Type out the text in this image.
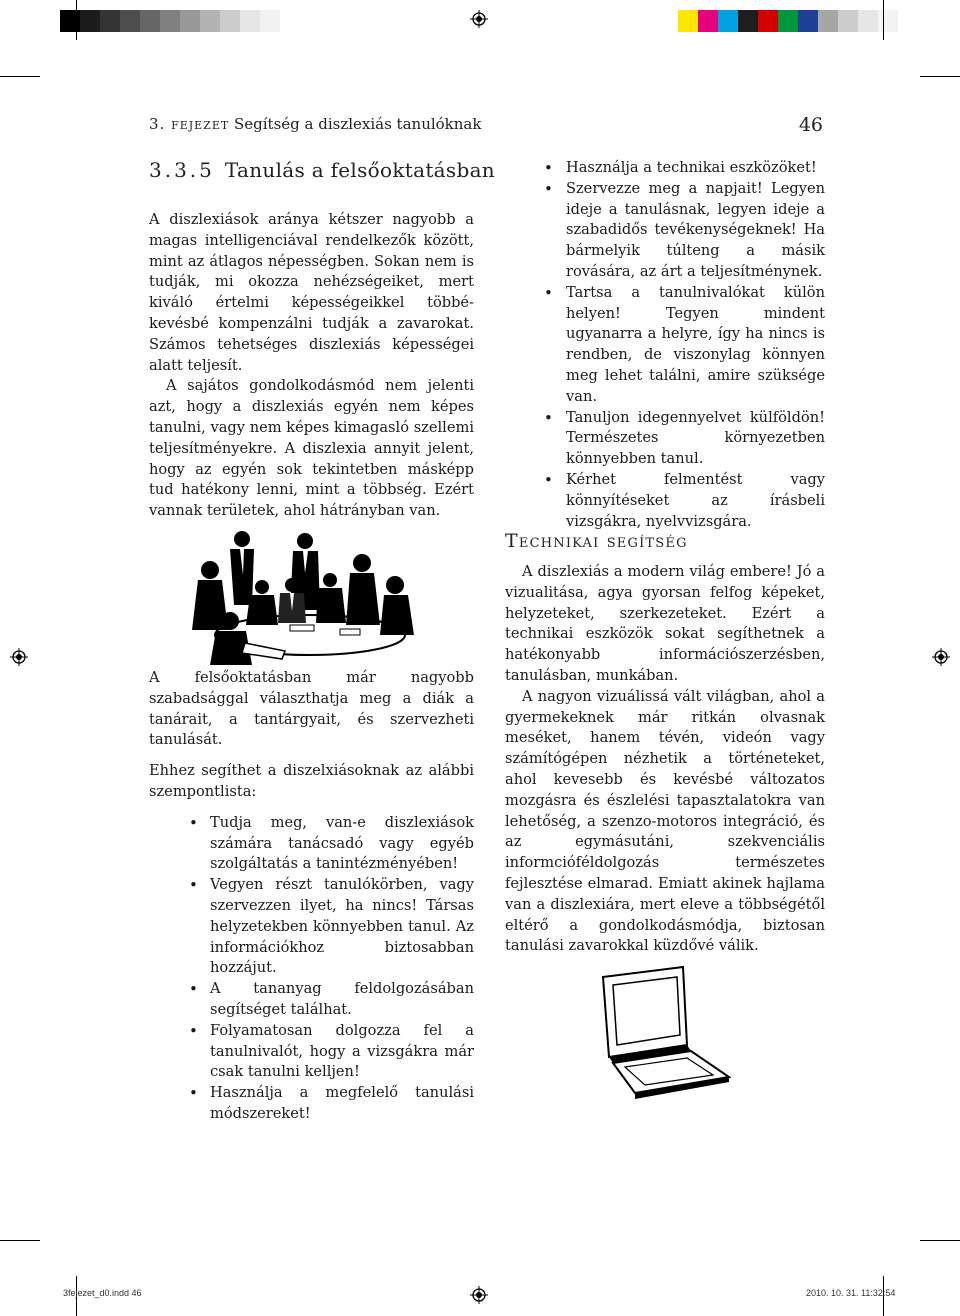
3. fejezet Segítség a diszlexiás tanulóknak	46
3.3.5 Tanulás a felsőoktatásban

A diszlexiások aránya kétszer nagyobb a magas intelligenciával rendelkezők között, mint az átlagos népességben. Sokan nem is tudják, mi okozza nehézségeiket, mert kiváló értelmi képességeikkel többé-kevésbé kompenzálni tudják a zavarokat. Számos tehetséges diszlexiás képességei alatt teljesít.

A sajátos gondolkodásmód nem jelenti azt, hogy a diszlexiás egyén nem képes tanulni, vagy nem képes kimagasló szellemi teljesítményekre. A diszlexia annyit jelent, hogy az egyén sok tekintetben másképp tud hatékony lenni, mint a többség. Ezért vannak területek, ahol hátrányban van.

A felsőoktatásban már nagyobb szabadsággal választhatja meg a diák a tanárait, a tantárgyait, és szervezheti tanulását.

Ehhez segíthet a diszelxiásoknak az alábbi szempontlista:

• Tudja meg, van-e diszlexiások számára tanácsadó vagy egyéb szolgáltatás a tanintézményében!
• Vegyen részt tanulókörben, vagy szervezzen ilyet, ha nincs! Társas helyzetekben könnyebben tanul. Az információkhoz biztosabban hozzájut.
• A tananyag feldolgozásában segítséget találhat.
• Folyamatosan dolgozza fel a tanulnivalót, hogy a vizsgákra már csak tanulni kelljen!
• Használja a megfelelő tanulási módszereket!
• Használja a technikai eszközöket!
• Szervezze meg a napjait! Legyen ideje a tanulásnak, legyen ideje a szabadidős tevékenységeknek! Ha bármelyik túlteng a másik rovására, az árt a teljesítménynek.
• Tartsa a tanulnivalókat külön helyen! Tegyen mindent ugyanarra a helyre, így ha nincs is rendben, de viszonylag könnyen meg lehet találni, amire szüksége van.
• Tanuljon idegennyelvet külföldön! Természetes környezetben könnyebben tanul.
• Kérhet felmentést vagy könnyítéseket az írásbeli vizsgákra, nyelvvizsgára.
Technikai segítség

A diszlexiás a modern világ embere! Jó a vizualitása, agya gyorsan felfog képeket, helyzeteket, szerkezeteket. Ezért a technikai eszközök sokat segíthetnek a hatékonyabb információszerzésben, tanulásban, munkában.

A nagyon vizuálissá vált világban, ahol a gyermekeknek már ritkán olvasnak meséket, hanem tévén, videón vagy számítógépen nézhetik a történeteket, ahol kevesebb és kevésbé változatos mozgásra és észlelési tapasztalatokra van lehetőség, a szenzo-motoros integráció, és az egymásutáni, szekvenciális informcióféldolgozás természetes fejlesztése elmarad. Emiatt akinek hajlama van a diszlexiára, mert eleve a többségétől eltérő a gondolkodásmódja, biztosan tanulási zavarokkal küzdővé válik.

3fejezet_d0.indd 46	2010. 10. 31. 11:32:54
